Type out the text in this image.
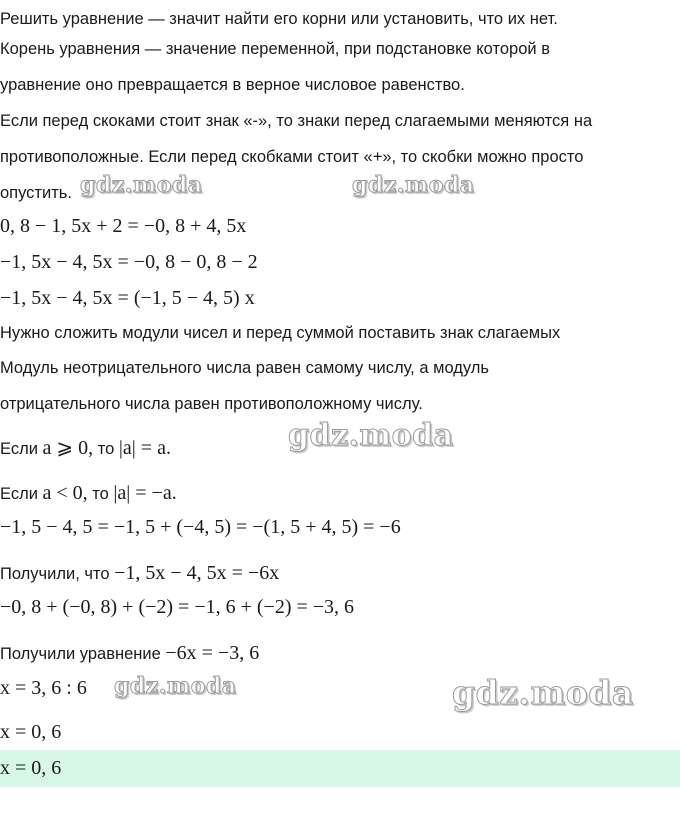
Решить уравнение — значит найти его корни или установить, что их нет.
Корень уравнения — значение переменной, при подстановке которой в
уравнение оно превращается в верное числовое равенство.
Если перед скоками стоит знак «-», то знаки перед слагаемыми меняются на
противоположные. Если перед скобками стоит «+», то скобки можно просто
опустить.
0, 8 − 1, 5x + 2 = −0, 8 + 4, 5x
−1, 5x − 4, 5x = −0, 8 − 0, 8 − 2
−1, 5x − 4, 5x = (−1, 5 − 4, 5) x
Нужно сложить модули чисел и перед суммой поставить знак слагаемых
Модуль неотрицательного числа равен самому числу, а модуль
отрицательного числа равен противоположному числу.
Если a ⩾ 0, то |a| = a.
Если a < 0, то |a| = −a.
−1, 5 − 4, 5 = −1, 5 + (−4, 5) = −(1, 5 + 4, 5) = −6
Получили, что −1, 5x − 4, 5x = −6x
−0, 8 + (−0, 8) + (−2) = −1, 6 + (−2) = −3, 6
Получили уравнение −6x = −3, 6
x = 3, 6 : 6
x = 0, 6
x = 0, 6
gdz.moda	gdz.moda
gdz.moda
gdz.moda	gdz.moda
